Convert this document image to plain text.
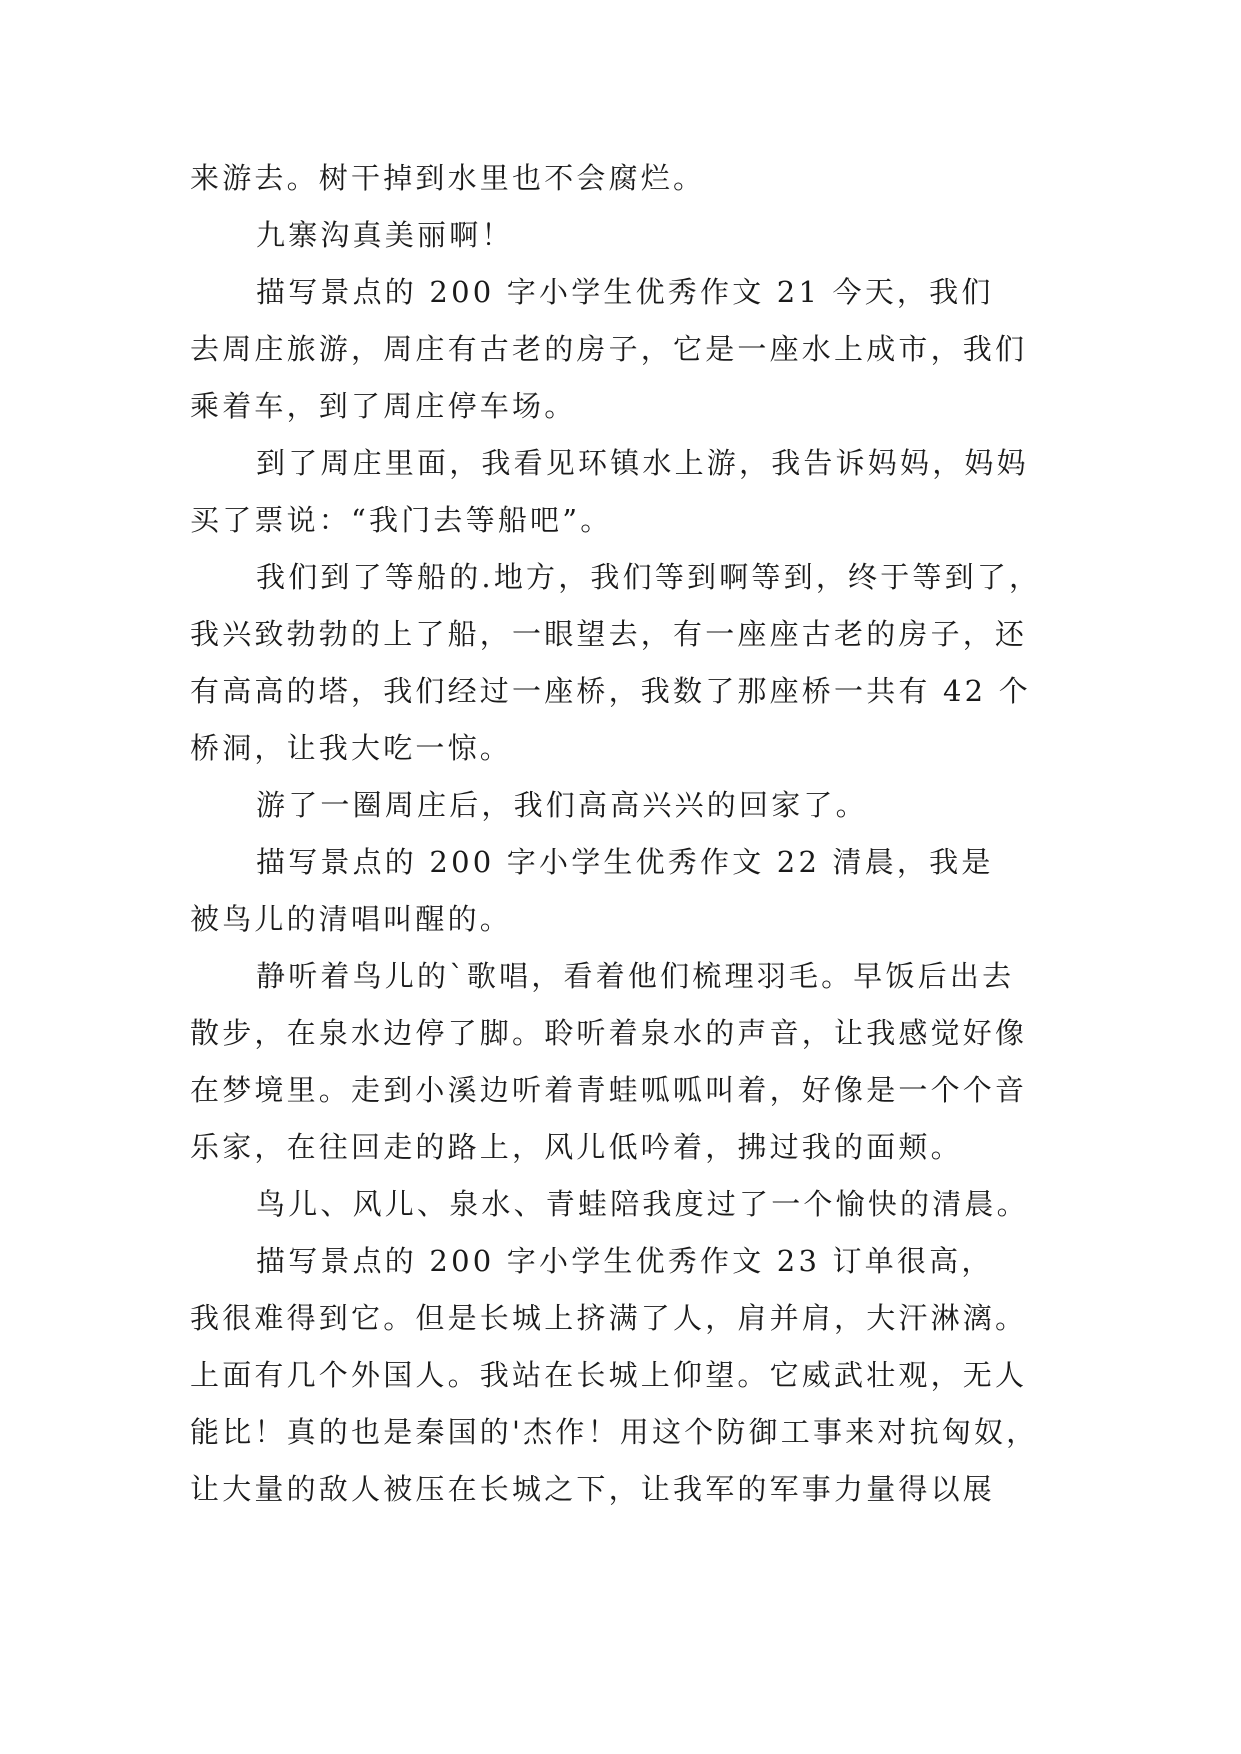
来游去。树干掉到水里也不会腐烂。
九寨沟真美丽啊！
描写景点的 200 字小学生优秀作文 21 今天，我们
去周庄旅游，周庄有古老的房子，它是一座水上成市，我们
乘着车，到了周庄停车场。
到了周庄里面，我看见环镇水上游，我告诉妈妈，妈妈
买了票说：“我门去等船吧”。
我们到了等船的.地方，我们等到啊等到，终于等到了，
我兴致勃勃的上了船，一眼望去，有一座座古老的房子，还
有高高的塔，我们经过一座桥，我数了那座桥一共有 42 个
桥洞，让我大吃一惊。
游了一圈周庄后，我们高高兴兴的回家了。
描写景点的 200 字小学生优秀作文 22 清晨，我是
被鸟儿的清唱叫醒的。
静听着鸟儿的`歌唱，看着他们梳理羽毛。早饭后出去
散步，在泉水边停了脚。聆听着泉水的声音，让我感觉好像
在梦境里。走到小溪边听着青蛙呱呱叫着，好像是一个个音
乐家，在往回走的路上，风儿低吟着，拂过我的面颊。
鸟儿、风儿、泉水、青蛙陪我度过了一个愉快的清晨。
描写景点的 200 字小学生优秀作文 23 订单很高，
我很难得到它。但是长城上挤满了人，肩并肩，大汗淋漓。
上面有几个外国人。我站在长城上仰望。它威武壮观，无人
能比！真的也是秦国的'杰作！用这个防御工事来对抗匈奴，
让大量的敌人被压在长城之下，让我军的军事力量得以展
